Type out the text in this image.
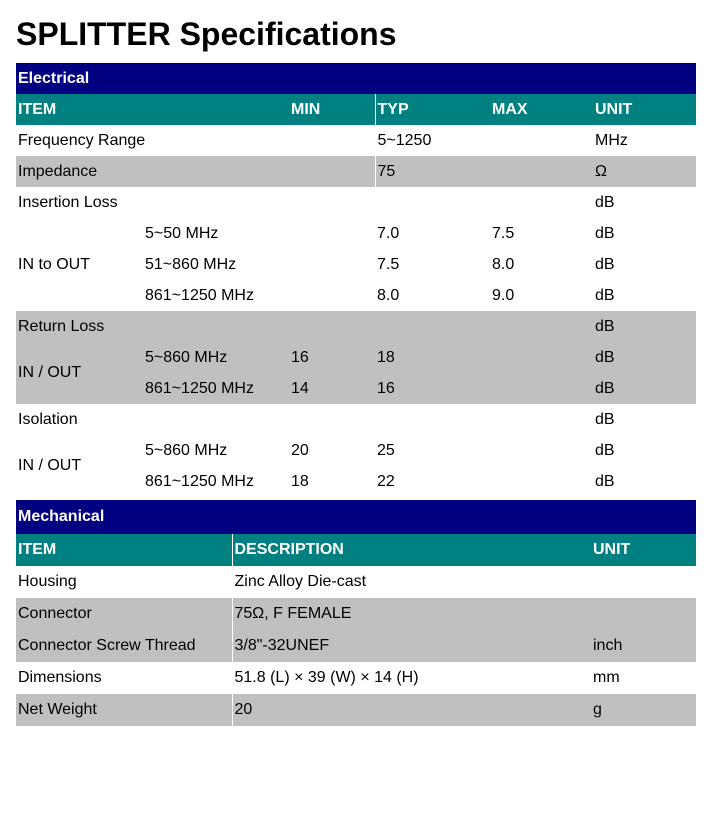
SPLITTER Specifications
Electrical					
ITEM		MIN	TYP	MAX	UNIT
Frequency Range			5~1250		MHz
Impedance			75		Ω
Insertion Loss					dB
IN to OUT	5~50 MHz		7.0	7.5	dB
	51~860 MHz		7.5	8.0	dB
	861~1250 MHz		8.0	9.0	dB
Return Loss					dB
IN / OUT	5~860 MHz	16	18		dB
	861~1250 MHz	14	16		dB
Isolation					dB
IN / OUT	5~860 MHz	20	25		dB
	861~1250 MHz	18	22		dB
Mechanical		
ITEM	DESCRIPTION	UNIT
Housing	Zinc Alloy Die-cast	
Connector	75Ω, F FEMALE	
Connector Screw Thread	3/8"-32UNEF	inch
Dimensions	51.8 (L) × 39 (W) × 14 (H)	mm
Net Weight	20	g
